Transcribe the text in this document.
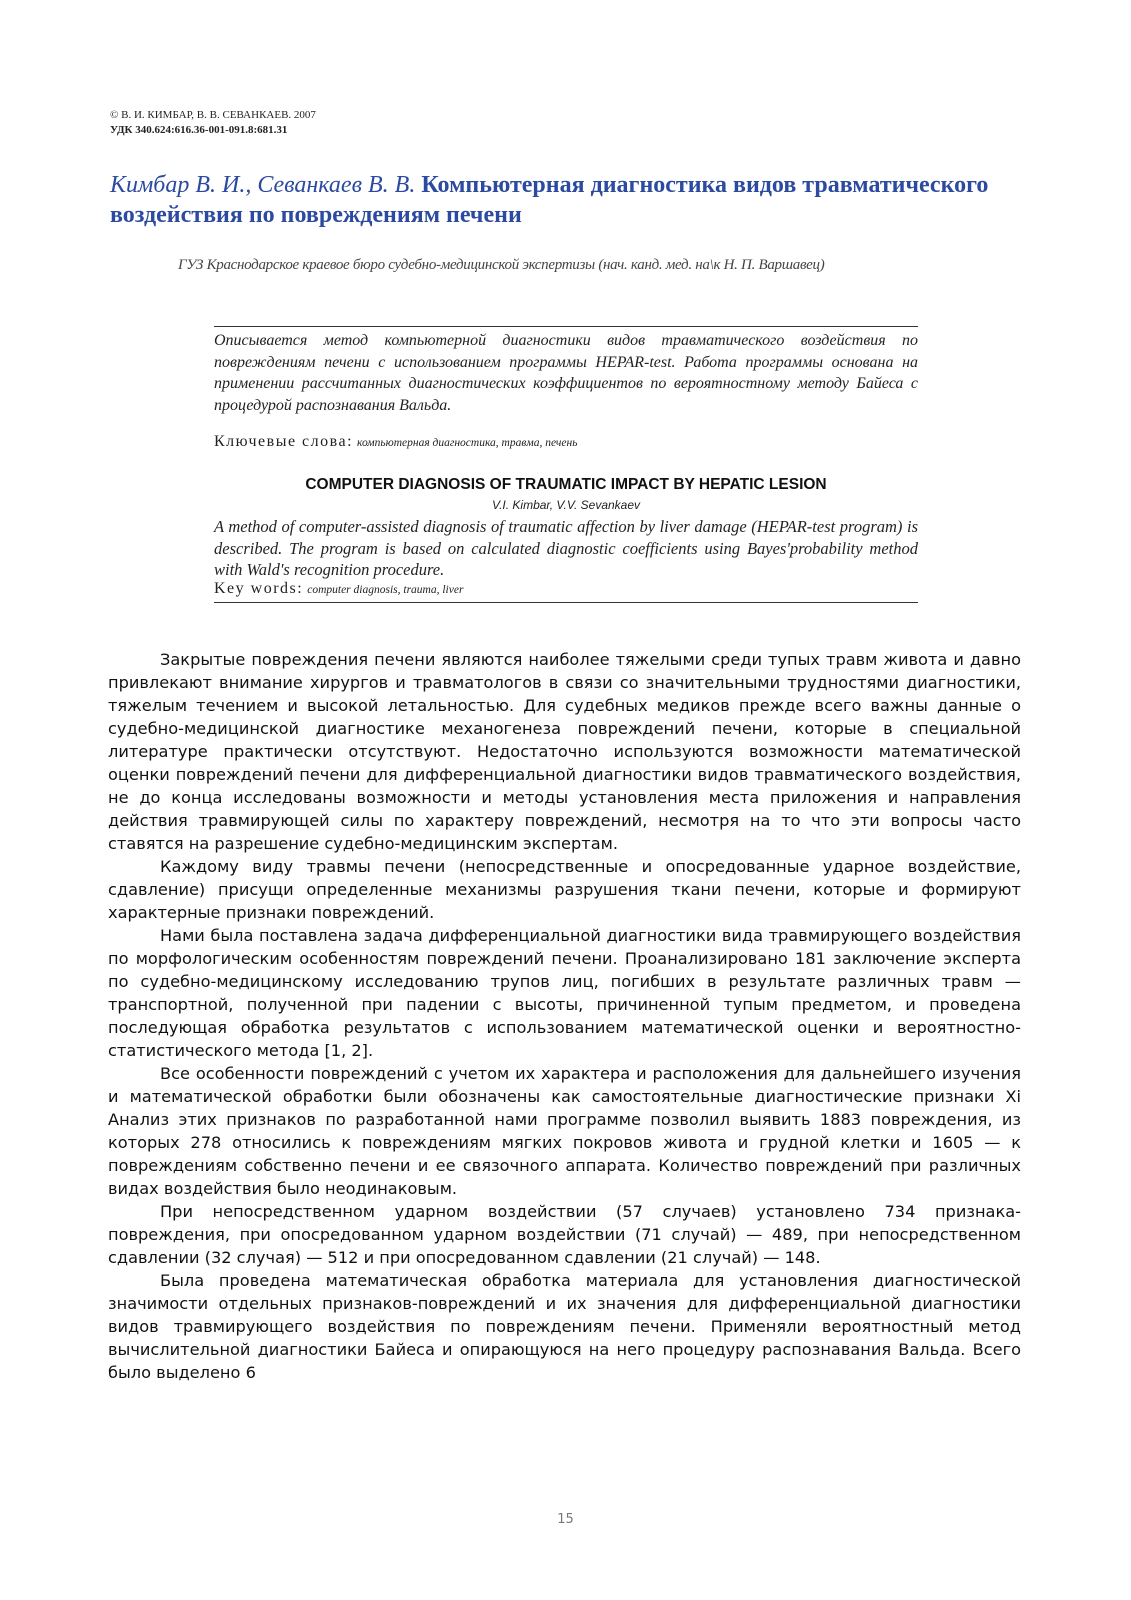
© В. И. КИМБАР, В. В. СЕВАНКАЕВ. 2007
УДК 340.624:616.36-001-091.8:681.31
Кимбар В. И., Севанкаев В. В. Компьютерная диагностика видов травматического воздействия по повреждениям печени
ГУЗ Краснодарское краевое бюро судебно-медицинской экспертизы (нач. канд. мед. на\к Н. П. Варшавец)
Описывается метод компьютерной диагностики видов травматического воздействия по повреждениям печени с использованием программы HEPAR-test. Работа программы основана на применении рассчитанных диагностических коэффициентов по вероятностному методу Байеса с процедурой распознавания Вальда.
Ключевые слова: компьютерная диагностика, травма, печень
COMPUTER DIAGNOSIS OF TRAUMATIC IMPACT BY HEPATIC LESION
V.I. Kimbar, V.V. Sevankaev
A method of computer-assisted diagnosis of traumatic affection by liver damage (HEPAR-test program) is described. The program is based on calculated diagnostic coefficients using Bayes'probability method with Wald's recognition procedure.
Key words: computer diagnosis, trauma, liver

Закрытые повреждения печени являются наиболее тяжелыми среди тупых травм живота и давно привлекают внимание хирургов и травматологов в связи со значительными трудностями диагностики, тяжелым течением и высокой летальностью. Для судебных медиков прежде всего важны данные о судебно-медицинской диагностике механогенеза повреждений печени, которые в специальной литературе практически отсутствуют. Недостаточно используются возможности математической оценки повреждений печени для дифференциальной диагностики видов травматического воздействия, не до конца исследованы возможности и методы установления места приложения и направления действия травмирующей силы по характеру повреждений, несмотря на то что эти вопросы часто ставятся на разрешение судебно-медицинским экспертам.

Каждому виду травмы печени (непосредственные и опосредованные ударное воздействие, сдавление) присущи определенные механизмы разрушения ткани печени, которые и формируют характерные признаки повреждений.

Нами была поставлена задача дифференциальной диагностики вида травмирующего воздействия по морфологическим особенностям повреждений печени. Проанализировано 181 заключение эксперта по судебно-медицинскому исследованию трупов лиц, погибших в результате различных травм — транспортной, полученной при падении с высоты, причиненной тупым предметом, и проведена последующая обработка результатов с использованием математической оценки и вероятностно-статистического метода [1, 2].

Все особенности повреждений с учетом их характера и расположения для дальнейшего изучения и математической обработки были обозначены как самостоятельные диагностические признаки Xi Анализ этих признаков по разработанной нами программе позволил выявить 1883 повреждения, из которых 278 относились к повреждениям мягких покровов живота и грудной клетки и 1605 — к повреждениям собственно печени и ее связочного аппарата. Количество повреждений при различных видах воздействия было неодинаковым.

При непосредственном ударном воздействии (57 случаев) установлено 734 признака-повреждения, при опосредованном ударном воздействии (71 случай) — 489, при непосредственном сдавлении (32 случая) — 512 и при опосредованном сдавлении (21 случай) — 148.

Была проведена математическая обработка материала для установления диагностической значимости отдельных признаков-повреждений и их значения для дифференциальной диагностики видов травмирующего воздействия по повреждениям печени. Применяли вероятностный метод вычислительной диагностики Байеса и опирающуюся на него процедуру распознавания Вальда. Всего было выделено 6

15
